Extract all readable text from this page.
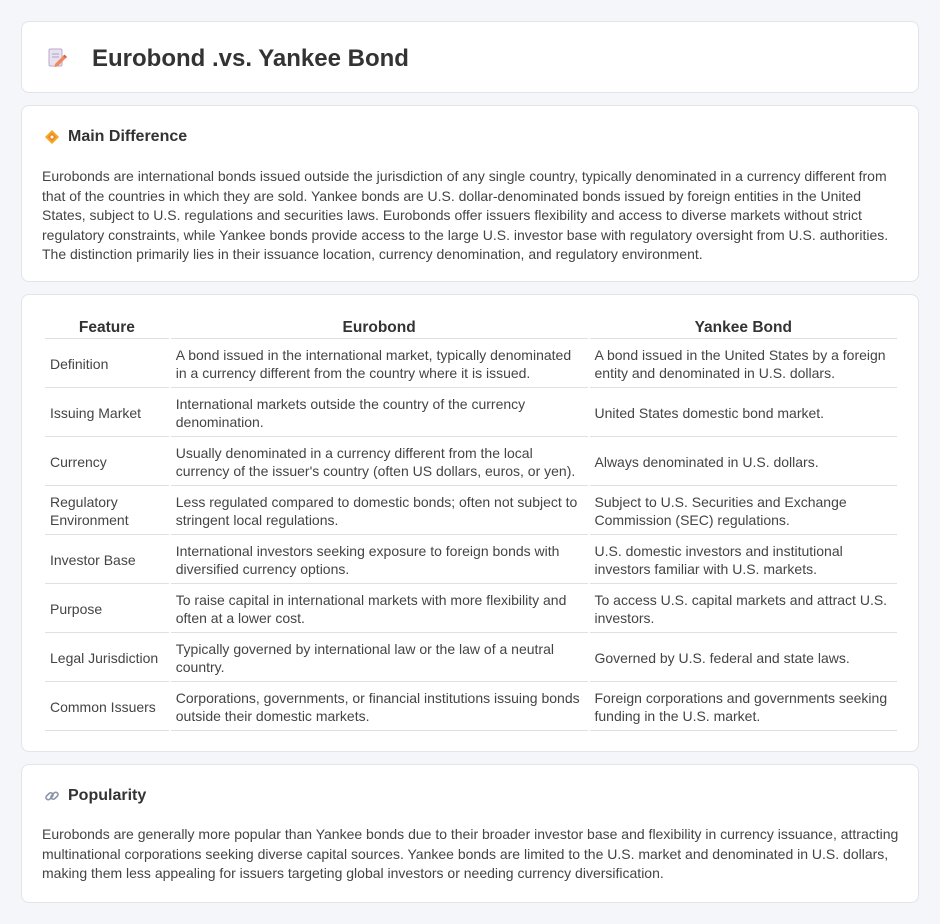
Eurobond .vs. Yankee Bond
Main Difference

Eurobonds are international bonds issued outside the jurisdiction of any single country, typically denominated in a currency different from that of the countries in which they are sold. Yankee bonds are U.S. dollar-denominated bonds issued by foreign entities in the United States, subject to U.S. regulations and securities laws. Eurobonds offer issuers flexibility and access to diverse markets without strict regulatory constraints, while Yankee bonds provide access to the large U.S. investor base with regulatory oversight from U.S. authorities. The distinction primarily lies in their issuance location, currency denomination, and regulatory environment.

Feature	Eurobond	Yankee Bond
Definition	A bond issued in the international market, typically denominated in a currency different from the country where it is issued.	A bond issued in the United States by a foreign entity and denominated in U.S. dollars.
Issuing Market	International markets outside the country of the currency denomination.	United States domestic bond market.
Currency	Usually denominated in a currency different from the local currency of the issuer's country (often US dollars, euros, or yen).	Always denominated in U.S. dollars.
Regulatory Environment	Less regulated compared to domestic bonds; often not subject to stringent local regulations.	Subject to U.S. Securities and Exchange Commission (SEC) regulations.
Investor Base	International investors seeking exposure to foreign bonds with diversified currency options.	U.S. domestic investors and institutional investors familiar with U.S. markets.
Purpose	To raise capital in international markets with more flexibility and often at a lower cost.	To access U.S. capital markets and attract U.S. investors.
Legal Jurisdiction	Typically governed by international law or the law of a neutral country.	Governed by U.S. federal and state laws.
Common Issuers	Corporations, governments, or financial institutions issuing bonds outside their domestic markets.	Foreign corporations and governments seeking funding in the U.S. market.
Popularity

Eurobonds are generally more popular than Yankee bonds due to their broader investor base and flexibility in currency issuance, attracting multinational corporations seeking diverse capital sources. Yankee bonds are limited to the U.S. market and denominated in U.S. dollars, making them less appealing for issuers targeting global investors or needing currency diversification.
